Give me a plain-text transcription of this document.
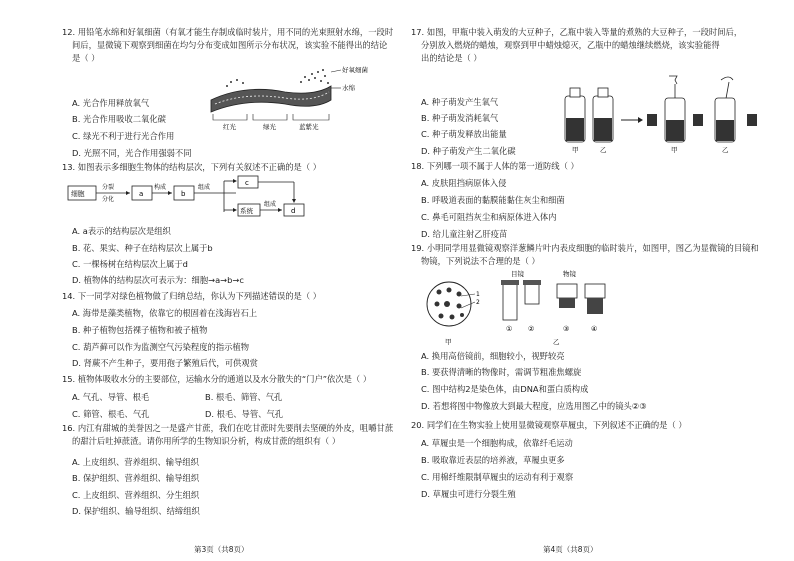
12. 用铅笔水绵和好氧细菌（有氧才能生存制成临时装片，用不同的光束照射水绵，一段时
间后，显微镜下观察到细菌在均匀分布变成如图所示分布状况，该实验不能得出的结论
是（ ）
A. 光合作用释放氧气
B. 光合作用吸收二氧化碳
C. 绿光不利于进行光合作用
D. 光照不同，光合作用强弱不同
好氧细菌
水绵
红光	绿光	蓝紫光
13. 如图表示多细胞生物体的结构层次，下列有关叙述不正确的是（ ）
细胞
分裂
分化
a
构成
b
组成
c
系统
组成
d
A. a表示的结构层次是组织
B. 花、果实、种子在结构层次上属于b
C. 一棵杨树在结构层次上属于d
D. 植物体的结构层次可表示为：细胞→a→b→c
14. 下一同学对绿色植物做了归纳总结，你认为下列描述错误的是（ ）
A. 海带是藻类植物，依靠它的根固着在浅海岩石上
B. 种子植物包括裸子植物和被子植物
C. 葫芦藓可以作为监测空气污染程度的指示植物
D. 肾蕨不产生种子，要用孢子繁殖后代，可供观赏
15. 植物体吸收水分的主要部位，运输水分的通道以及水分散失的“门户”依次是（ ）
A. 气孔、导管、根毛	B. 根毛、筛管、气孔
C. 筛管、根毛、气孔	D. 根毛、导管、气孔
16. 内江有甜城的美誉因之一是盛产甘蔗，我们在吃甘蔗时先要削去坚硬的外皮，咀嚼甘蔗
的甜汁后吐掉蔗渣。请你用所学的生物知识分析，构成甘蔗的组织有（ ）
A. 上皮组织、营养组织、输导组织
B. 保护组织、营养组织、输导组织
C. 上皮组织、营养组织、分生组织
D. 保护组织、输导组织、结缔组织
第3页（共8页）
17. 如图，甲瓶中装入萌发的大豆种子，乙瓶中装入等量的煮熟的大豆种子，一段时间后，
分别放入燃烧的蜡烛，观察到甲中蜡烛熄灭，乙瓶中的蜡烛继续燃烧，该实验能得
出的结论是（ ）
A. 种子萌发产生氧气
B. 种子萌发消耗氧气
C. 种子萌发释放出能量
D. 种子萌发产生二氧化碳	甲	乙	甲	乙
18. 下列哪一项不属于人体的第一道防线（ ）
A. 皮肤阻挡病原体入侵
B. 呼吸道表面的黏膜能黏住灰尘和细菌
C. 鼻毛可阻挡灰尘和病原体进入体内
D. 给儿童注射乙肝疫苗
19. 小明同学用显微镜观察洋葱鳞片叶内表皮细胞的临时装片，如图甲，图乙为显微镜的目镜和
物镜，下列说法不合理的是（ ）
1
2
甲
目镜	物镜
① ②	③	④
乙
A. 换用高倍镜前，细胞较小，视野较亮
B. 要获得清晰的物像时，需调节粗准焦螺旋
C. 图中结构2是染色体，由DNA和蛋白质构成
D. 若想将图中物像放大到最大程度，应选用图乙中的镜头②③
20. 同学们在生物实验上使用显微镜观察草履虫，下列叙述不正确的是（ ）
A. 草履虫是一个细胞构成，依靠纤毛运动
B. 吸取靠近表层的培养液，草履虫更多
C. 用棉纤维限制草履虫的运动有利于观察
D. 草履虫可进行分裂生殖
第4页（共8页）
